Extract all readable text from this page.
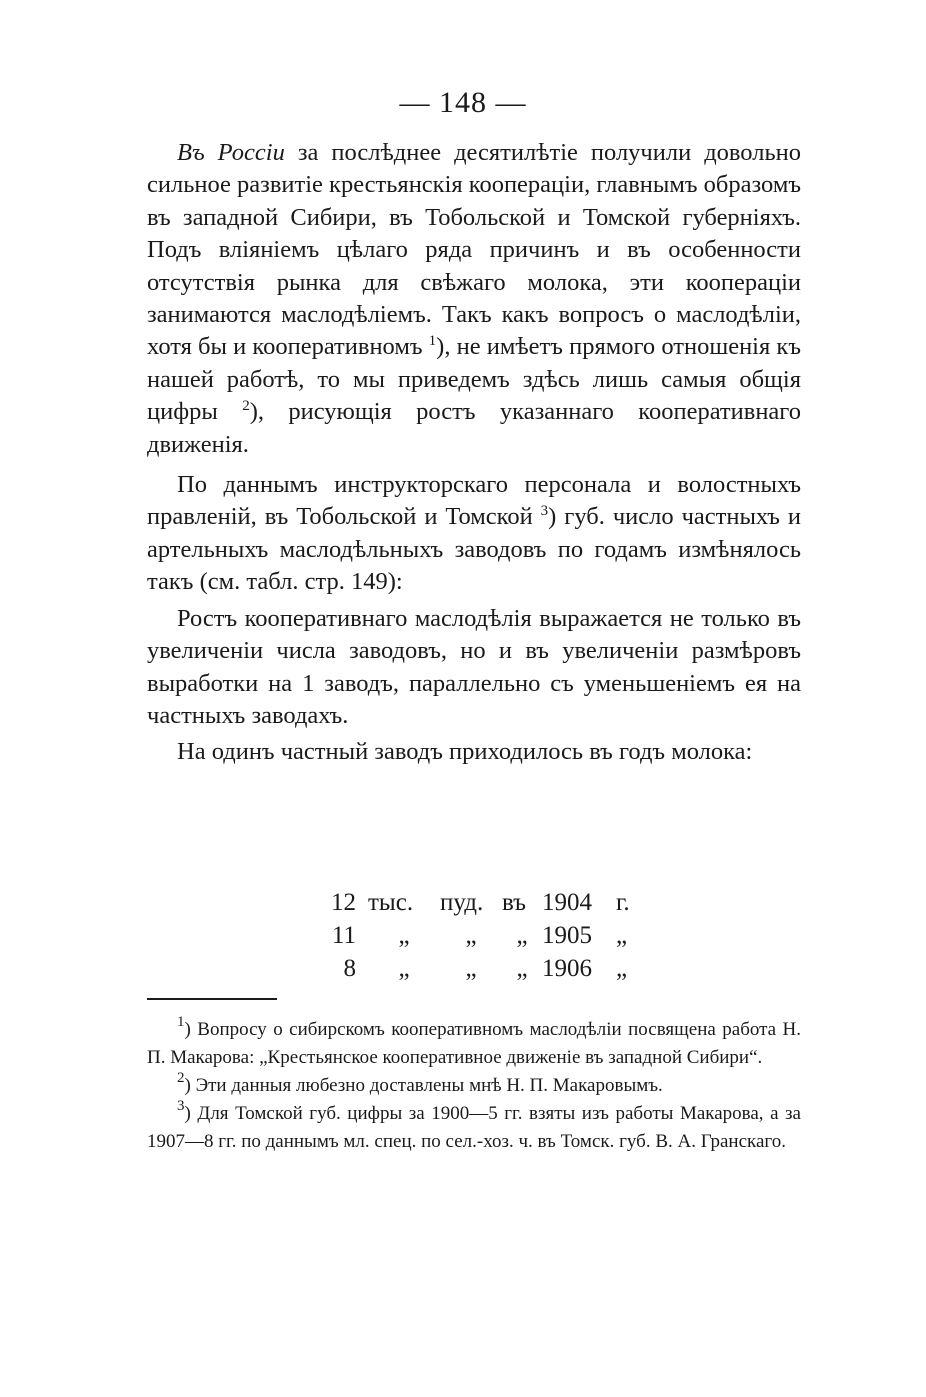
— 148 —

Въ Россіи за послѣднее десятилѣтіе получили довольно сильное развитіе крестьянскія кооперацiи, главнымъ образомъ въ западной Сибири, въ Тобольской и Томской губерніяхъ. Подъ вліяніемъ цѣлаго ряда причинъ и въ особенности отсутствія рынка для свѣжаго молока, эти кооперацiи занимаются маслодѣліемъ. Такъ какъ вопросъ о маслодѣліи, хотя бы и кооперативномъ $^1$), не имѣетъ прямого отношенія къ нашей работѣ, то мы приведемъ здѣсь лишь самыя общія цифры $^2$), рисующія ростъ указаннаго кооперативнаго движенія.

По даннымъ инструкторскаго персонала и волостныхъ правленій, въ Тобольской и Томской $^3$) губ. число частныхъ и артельныхъ маслодѣльныхъ заводовъ по годамъ измѣнялось такъ (см. табл. стр. 149):

Ростъ кооперативнаго маслодѣлія выражается не только въ увеличеніи числа заводовъ, но и въ увеличеніи размѣровъ выработки на 1 заводъ, параллельно съ уменьшеніемъ ея на частныхъ заводахъ.

На одинъ частный заводъ приходилось въ годъ молока:

12 тыс.	пуд. въ 1904 г.
11	„	„	„ 1905 „
8	„	„	„ 1906 „

$^1$) Вопросу о сибирскомъ кооперативномъ маслодѣліи посвящена работа Н. П. Макарова: „Крестьянское кооперативное движеніе въ западной Сибири“.

$^2$) Эти данныя любезно доставлены мнѣ Н. П. Макаровымъ.

$^3$) Для Томской губ. цифры за 1900—5 гг. взяты изъ работы Макарова, а за 1907—8 гг. по даннымъ мл. спец. по сел.-хоз. ч. въ Томск. губ. В. А. Гранскаго.
